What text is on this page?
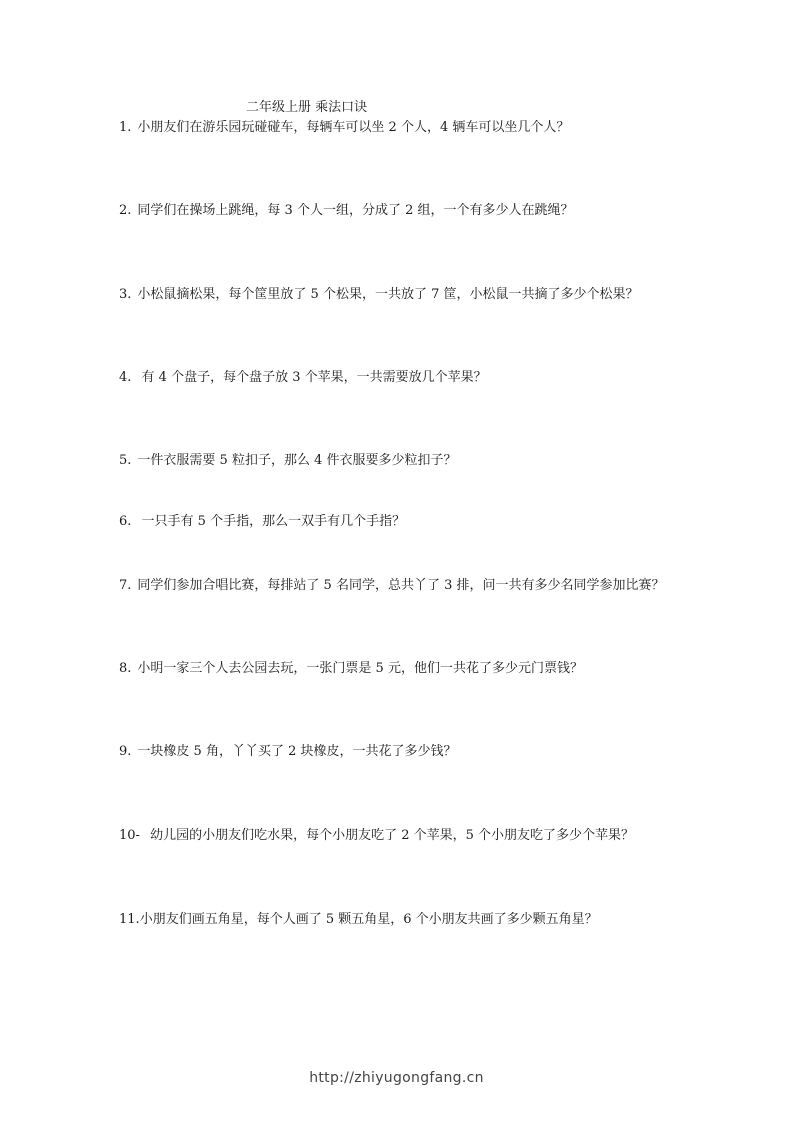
二年级上册 乘法口诀
1. 小朋友们在游乐园玩碰碰车，每辆车可以坐 2 个人，4 辆车可以坐几个人？
2. 同学们在操场上跳绳，每 3 个人一组，分成了 2 组，一个有多少人在跳绳？
3. 小松鼠摘松果，每个筐里放了 5 个松果，一共放了 7 筐，小松鼠一共摘了多少个松果？
4. 有 4 个盘子，每个盘子放 3 个苹果，一共需要放几个苹果？
5. 一件衣服需要 5 粒扣子，那么 4 件衣服要多少粒扣子？
6. 一只手有 5 个手指，那么一双手有几个手指？
7. 同学们参加合唱比赛，每排站了 5 名同学，总共丫了 3 排，问一共有多少名同学参加比赛？
8. 小明一家三个人去公园去玩，一张门票是 5 元，他们一共花了多少元门票钱？
9. 一块橡皮 5 角，丫丫买了 2 块橡皮，一共花了多少钱？
10- 幼儿园的小朋友们吃水果，每个小朋友吃了 2 个苹果，5 个小朋友吃了多少个苹果？
11.小朋友们画五角星，每个人画了 5 颗五角星，6 个小朋友共画了多少颗五角星？
http://zhiyugongfang.cn
